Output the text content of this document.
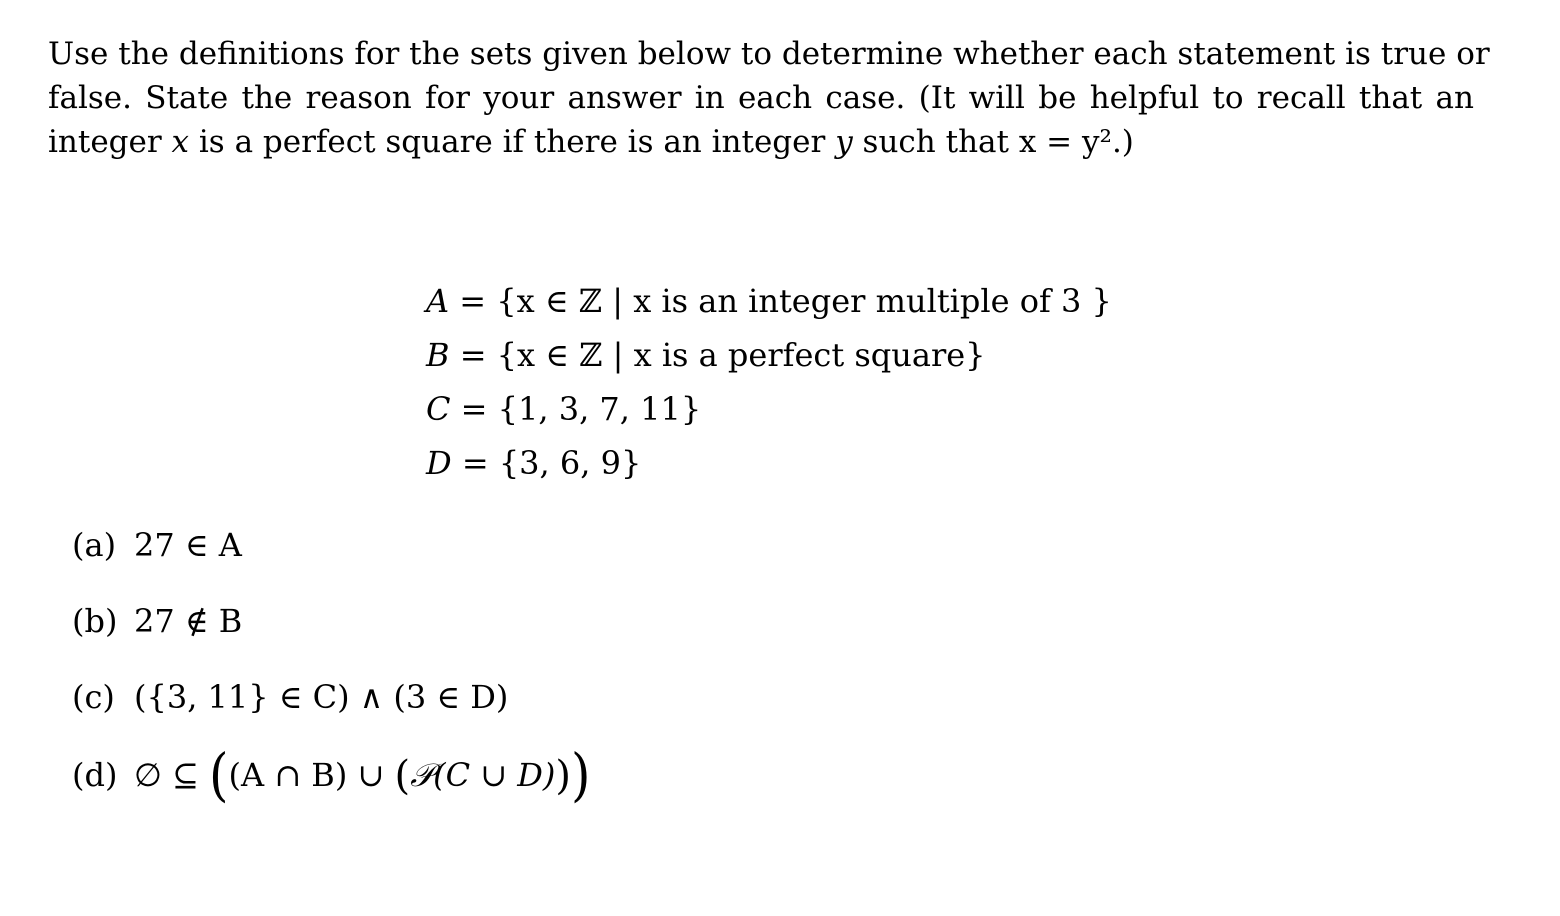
Use the definitions for the sets given below to determine whether each statement is true or
false. State the reason for your answer in each case. (It will be helpful to recall that an
integer x is a perfect square if there is an integer y such that x = y².)
A = {x ∈ ℤ | x is an integer multiple of 3 }
B = {x ∈ ℤ | x is a perfect square}
C = {1, 3, 7, 11}
D = {3, 6, 9}
(a) 27 ∈ A
(b) 27 ∉ B
(c) ({3, 11} ∈ C) ∧ (3 ∈ D)
(d) ∅ ⊆ ((A ∩ B) ∪ (𝒫(C ∪ D)))
